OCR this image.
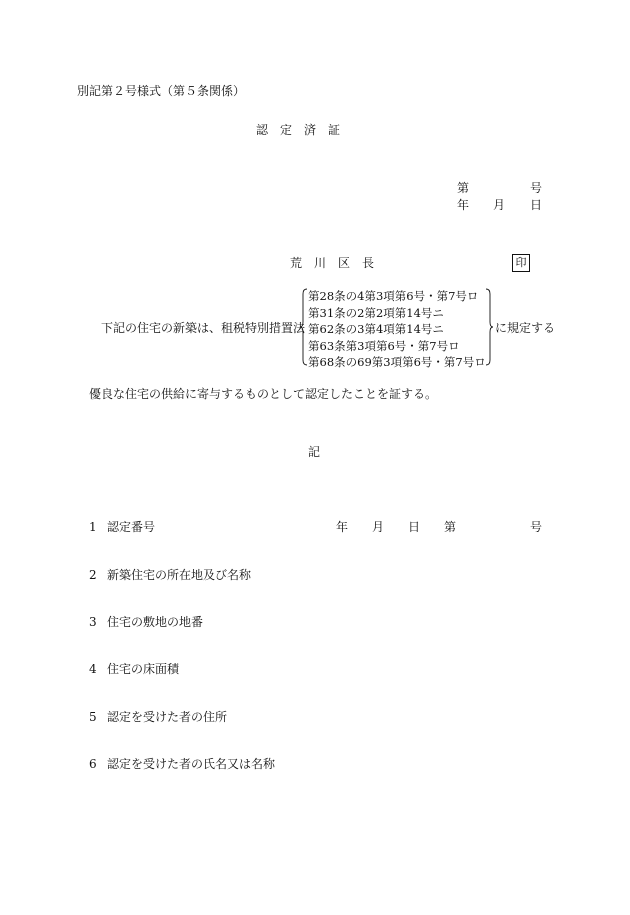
別記第２号様式（第５条関係）
認　定　済　証
第	号
年 月 日
荒　川　区　長	印
下記の住宅の新築は、租税特別措置法
第28条の4第3項第6号・第7号ロ
第31条の2第2項第14号ニ
第62条の3第4項第14号ニ
第63条第3項第6号・第7号ロ
第68条の69第3項第6号・第7号ロ
に規定する
優良な住宅の供給に寄与するものとして認定したことを証する。
記
1 認定番号	年 月 日 第	号
2 新築住宅の所在地及び名称
3 住宅の敷地の地番
4 住宅の床面積
5 認定を受けた者の住所
6 認定を受けた者の氏名又は名称
